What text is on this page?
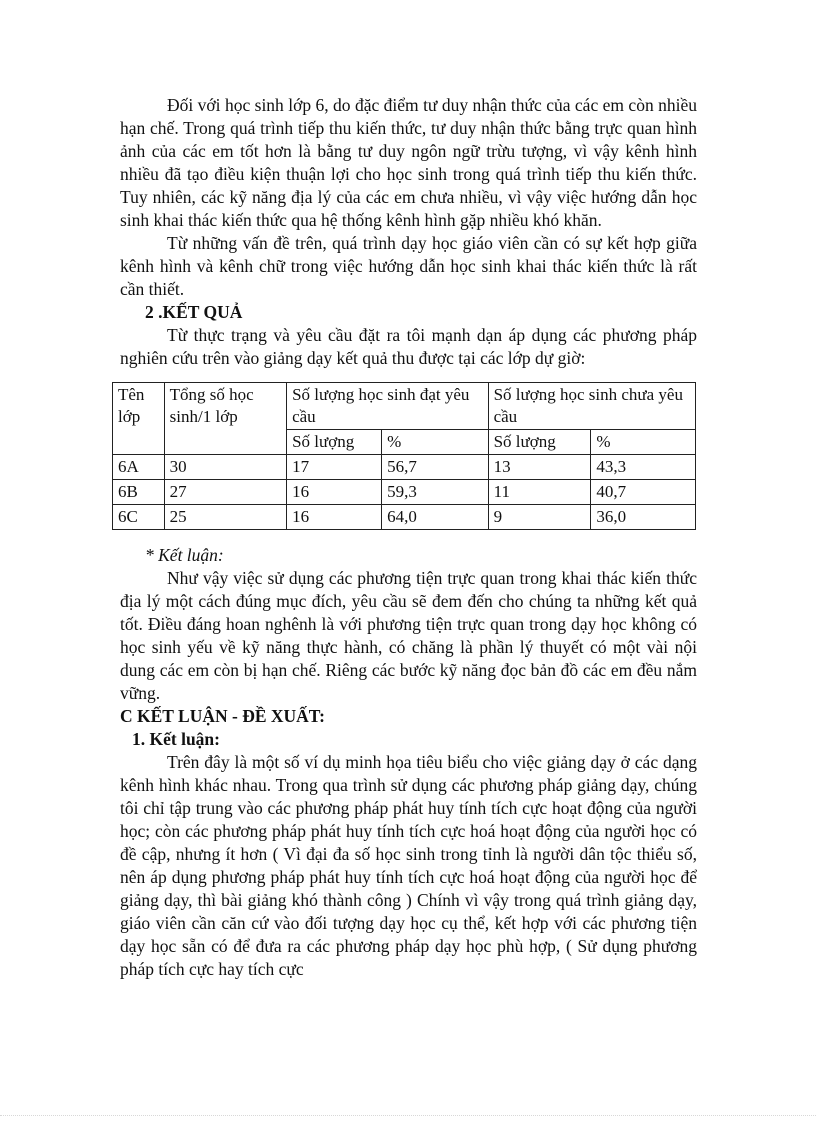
Đối với học sinh lớp 6, do đặc điểm tư duy nhận thức của các em còn nhiều hạn chế. Trong quá trình tiếp thu kiến thức, tư duy nhận thức bằng trực quan hình ảnh của các em tốt hơn là bằng tư duy ngôn ngữ trừu tượng, vì vậy kênh hình nhiều đã tạo điều kiện thuận lợi cho học sinh trong quá trình tiếp thu kiến thức. Tuy nhiên, các kỹ năng địa lý của các em chưa nhiều, vì vậy việc hướng dẫn học sinh khai thác kiến thức qua hệ thống kênh hình gặp nhiều khó khăn.

Từ những vấn đề trên, quá trình dạy học giáo viên cần có sự kết hợp giữa kênh hình và kênh chữ trong việc hướng dẫn học sinh khai thác kiến thức là rất cần thiết.

2 .KẾT QUẢ

Từ thực trạng và yêu cầu đặt ra tôi mạnh dạn áp dụng các phương pháp nghiên cứu trên vào giảng dạy kết quả thu được tại các lớp dự giờ:

Tên lớp	Tổng số học sinh/1 lớp	Số lượng học sinh đạt yêu cầu		Số lượng học sinh chưa yêu cầu	
		Số lượng	%	Số lượng	%
6A	30	17	56,7	13	43,3
6B	27	16	59,3	11	40,7
6C	25	16	64,0	9	36,0

* Kết luận:

Như vậy việc sử dụng các phương tiện trực quan trong khai thác kiến thức địa lý một cách đúng mục đích, yêu cầu sẽ đem đến cho chúng ta những kết quả tốt. Điều đáng hoan nghênh là với phương tiện trực quan trong dạy học không có học sinh yếu về kỹ năng thực hành, có chăng là phần lý thuyết có một vài nội dung các em còn bị hạn chế. Riêng các bước kỹ năng đọc bản đồ các em đều nắm vững.

C KẾT LUẬN - ĐỀ XUẤT:

1. Kết luận:

Trên đây là một số ví dụ minh họa tiêu biểu cho việc giảng dạy ở các dạng kênh hình khác nhau. Trong qua trình sử dụng các phương pháp giảng dạy, chúng tôi chỉ tập trung vào các phương pháp phát huy tính tích cực hoạt động của người học; còn các phương pháp phát huy tính tích cực hoá hoạt động của người học có đề cập, nhưng ít hơn ( Vì đại đa số học sinh trong tỉnh là người dân tộc thiểu số, nên áp dụng phương pháp phát huy tính tích cực hoá hoạt động của người học để giảng dạy, thì bài giảng khó thành công ) Chính vì vậy trong quá trình giảng dạy, giáo viên cần căn cứ vào đối tượng dạy học cụ thể, kết hợp với các phương tiện dạy học sẵn có để đưa ra các phương pháp dạy học phù hợp, ( Sử dụng phương pháp tích cực hay tích cực
